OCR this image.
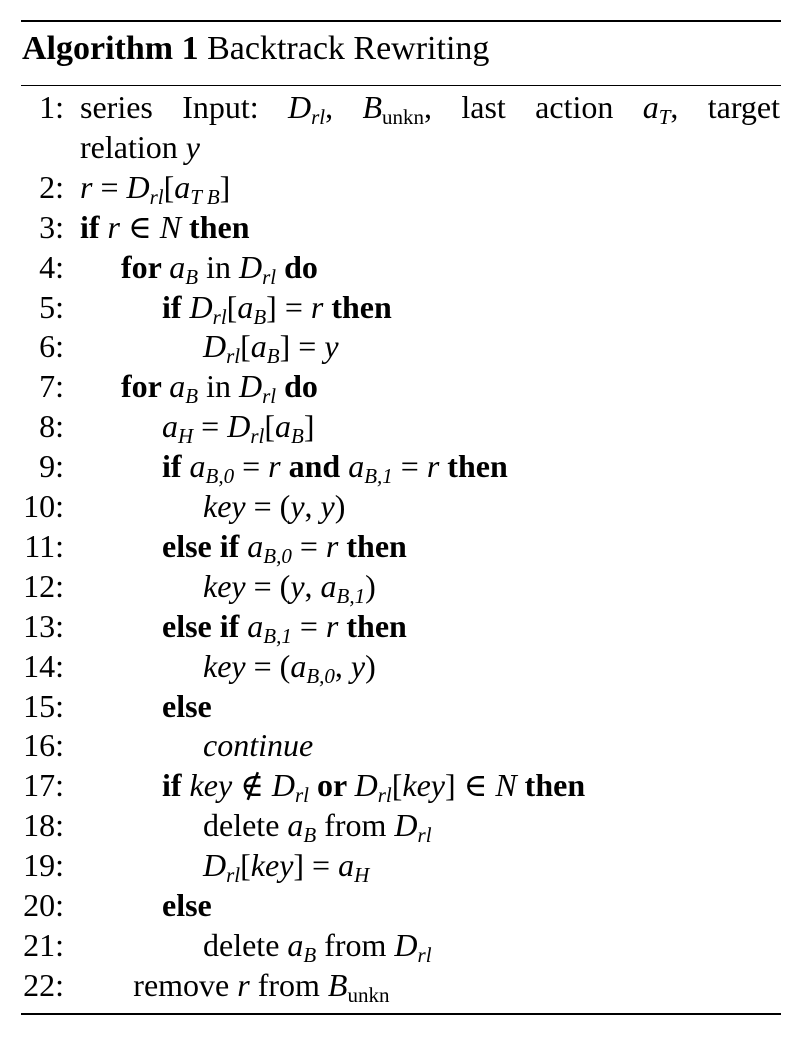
Algorithm 1 Backtrack Rewriting
1: series Input: Drl, $B_{unkn}$, last action aT, target
relation y
2: r = Drl[aT B]
3: if r ∈ N then
4: for aB in Drl do
5:	if Drl[aB] = r then
6:	Drl[aB] = y
7: for aB in Drl do
8:	aH = Drl[aB]
9:	if aB,0 = r and aB,1 = r then
10:	key = (y, y)
11:	else if aB,0 = r then
12:	key = (y, aB,1)
13:	else if aB,1 = r then
14:	key = (aB,0, y)
15:	else
16:	continue
17:	if key ∉ Drl or Drl[key] ∈ N then
18:	delete aB from Drl
19:	Drl[key] = aH
20:	else
21:	delete aB from Drl
22: remove r from $B_{unkn}$
